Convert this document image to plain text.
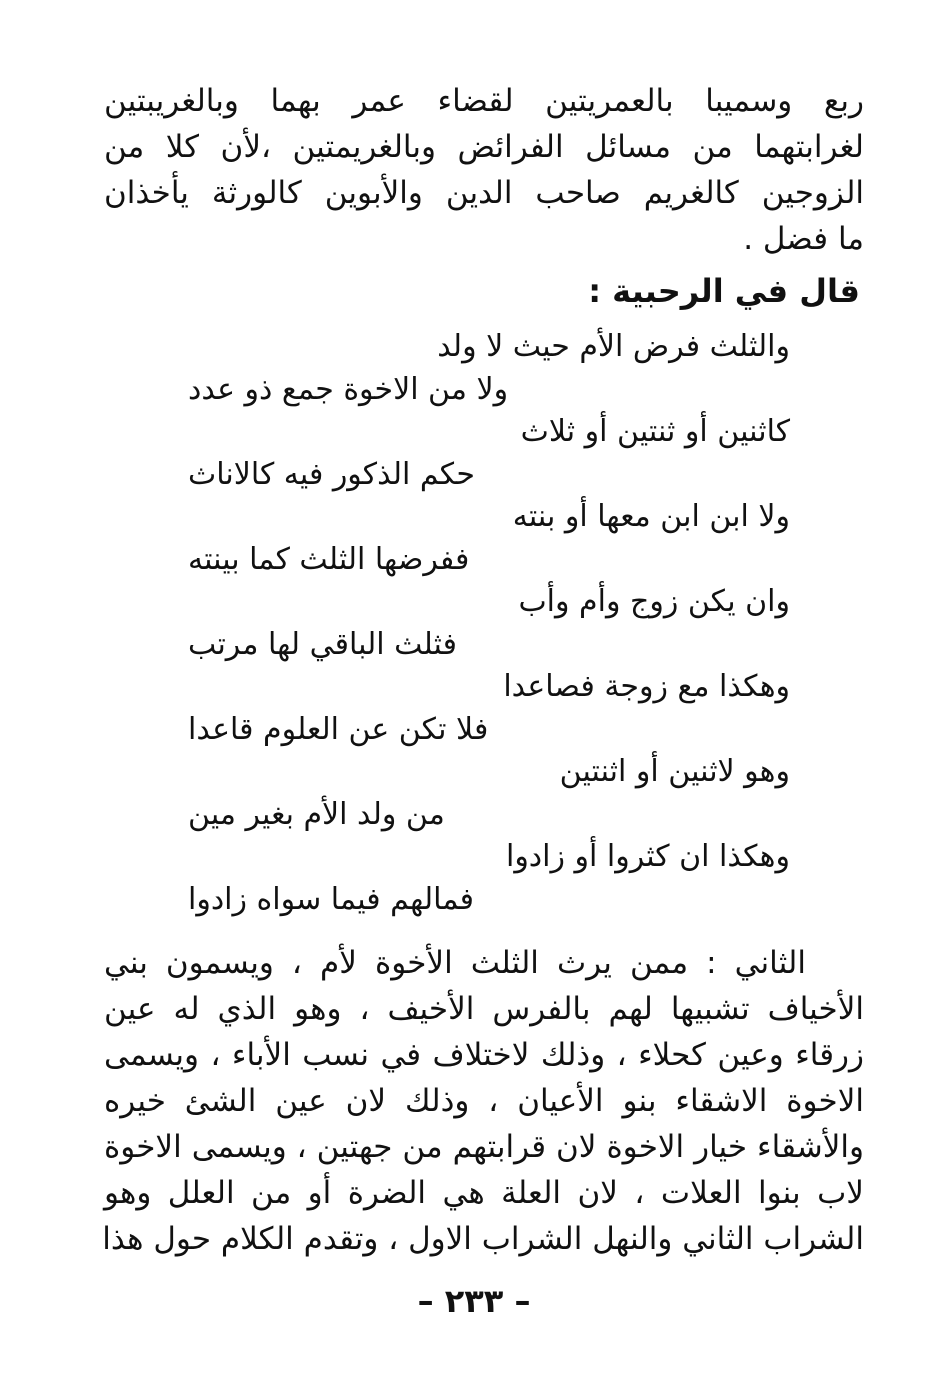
ربع وسميبا بالعمريتين لقضاء عمر بهما وبالغريبتين
لغرابتهما من مسائل الفرائض وبالغريمتين ،لأن كلا من
الزوجين كالغريم صاحب الدين والأبوين كالورثة يأخذان
ما فضل .
قال في الرحبية :
والثلث فرض الأم حيث لا ولد
ولا من الاخوة جمع ذو عدد
كاثنين أو ثنتين أو ثلاث
حكم الذكور فيه كالاناث
ولا ابن ابن معها أو بنته
ففرضها الثلث كما بينته
وان يكن زوج وأم وأب
فثلث الباقي لها مرتب
وهكذا مع زوجة فصاعدا
فلا تكن عن العلوم قاعدا
وهو لاثنين أو اثنتين
من ولد الأم بغير مين
وهكذا ان كثروا أو زادوا
فمالهم فيما سواه زادوا
الثاني : ممن يرث الثلث الأخوة لأم ، ويسمون بني
الأخياف تشبيها لهم بالفرس الأخيف ، وهو الذي له عين
زرقاء وعين كحلاء ، وذلك لاختلاف في نسب الأباء ، ويسمى
الاخوة الاشقاء بنو الأعيان ، وذلك لان عين الشئ خيره
والأشقاء خيار الاخوة لان قرابتهم من جهتين ، ويسمى الاخوة
لاب بنوا العلات ، لان العلة هي الضرة أو من العلل وهو
الشراب الثاني والنهل الشراب الاول ، وتقدم الكلام حول هذا
– ٢٣٣ –
